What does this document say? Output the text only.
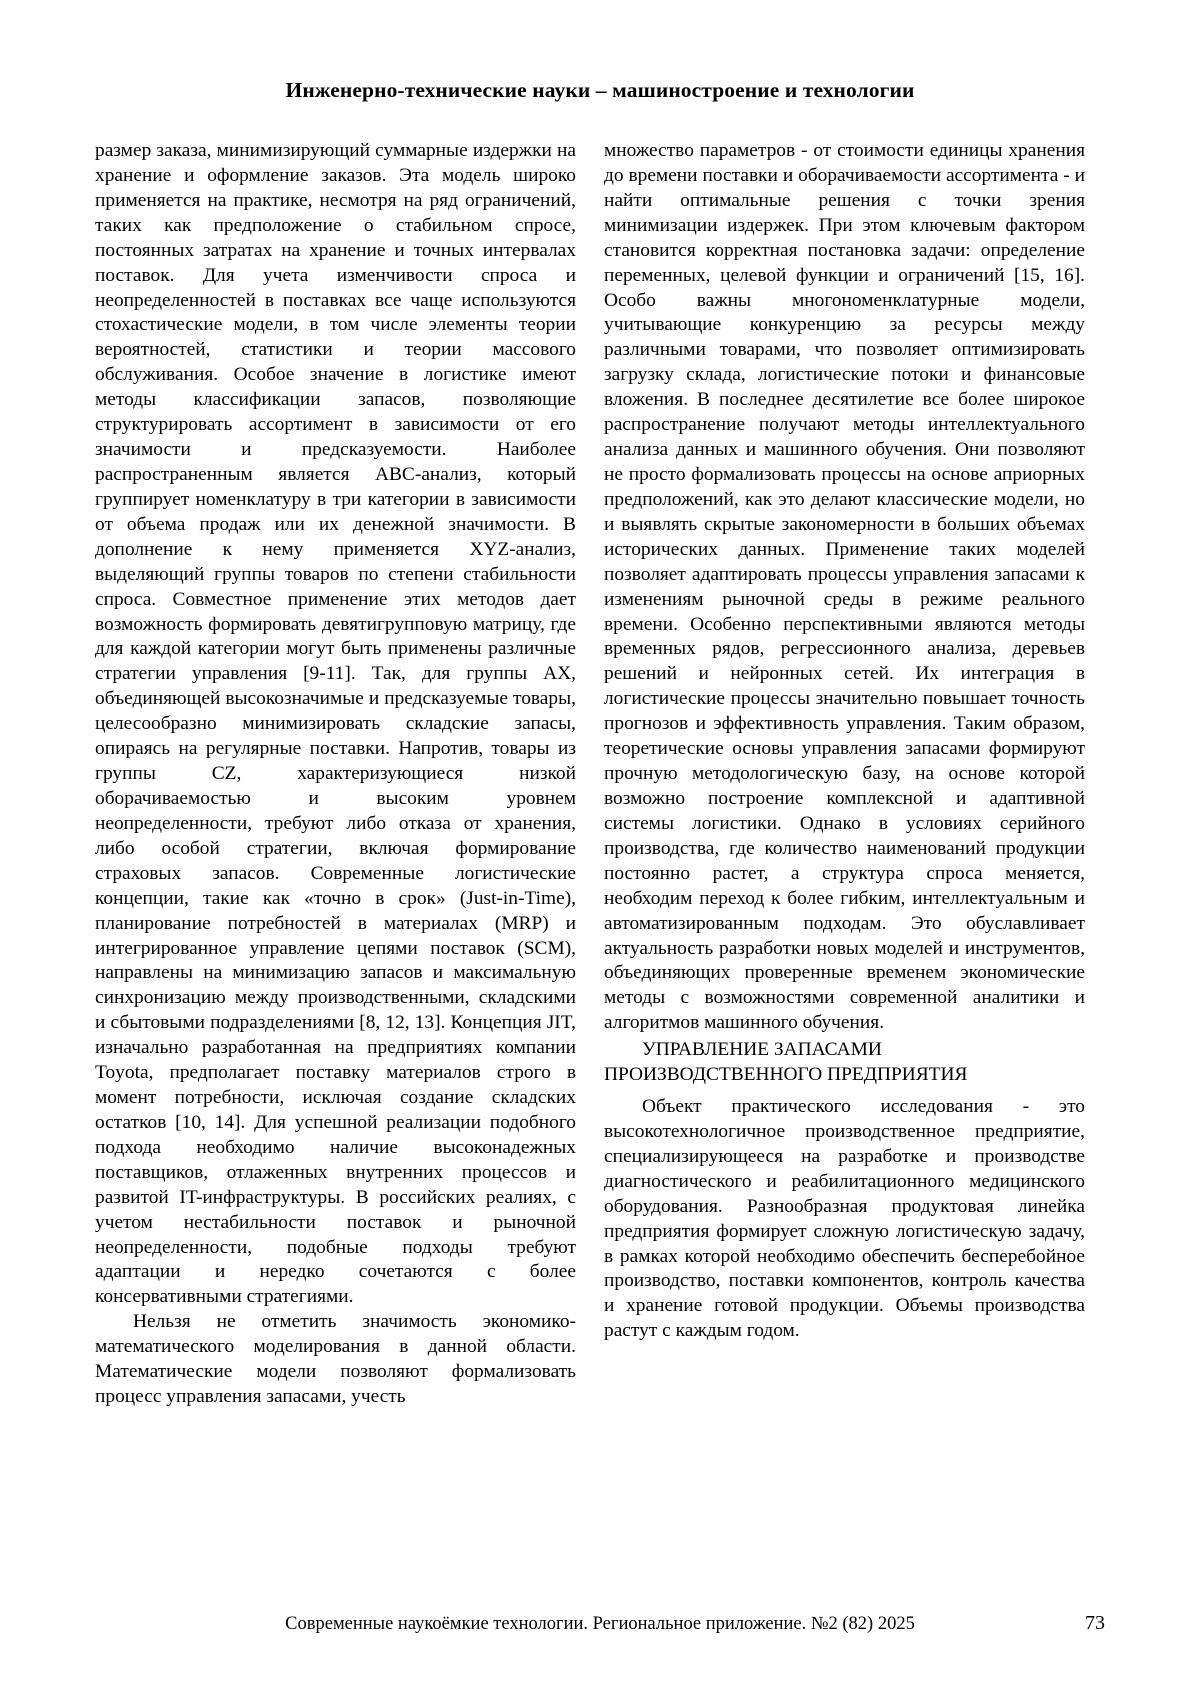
Инженерно-технические науки – машиностроение и технологии

размер заказа, минимизирующий суммарные издержки на хранение и оформление заказов. Эта модель широко применяется на практике, несмотря на ряд ограничений, таких как предположение о стабильном спросе, постоянных затратах на хранение и точных интервалах поставок. Для учета изменчивости спроса и неопределенностей в поставках все чаще используются стохастические модели, в том числе элементы теории вероятностей, статистики и теории массового обслуживания. Особое значение в логистике имеют методы классификации запасов, позволяющие структурировать ассортимент в зависимости от его значимости и предсказуемости. Наиболее распространенным является ABC-анализ, который группирует номенклатуру в три категории в зависимости от объема продаж или их денежной значимости. В дополнение к нему применяется XYZ-анализ, выделяющий группы товаров по степени стабильности спроса. Совместное применение этих методов дает возможность формировать девятигрупповую матрицу, где для каждой категории могут быть применены различные стратегии управления [9-11]. Так, для группы AX, объединяющей высокозначимые и предсказуемые товары, целесообразно минимизировать складские запасы, опираясь на регулярные поставки. Напротив, товары из группы CZ, характеризующиеся низкой оборачиваемостью и высоким уровнем неопределенности, требуют либо отказа от хранения, либо особой стратегии, включая формирование страховых запасов. Современные логистические концепции, такие как «точно в срок» (Just-in-Time), планирование потребностей в материалах (MRP) и интегрированное управление цепями поставок (SCM), направлены на минимизацию запасов и максимальную синхронизацию между производственными, складскими и сбытовыми подразделениями [8, 12, 13]. Концепция JIT, изначально разработанная на предприятиях компании Toyota, предполагает поставку материалов строго в момент потребности, исключая создание складских остатков [10, 14]. Для успешной реализации подобного подхода необходимо наличие высоконадежных поставщиков, отлаженных внутренних процессов и развитой IT-инфраструктуры. В российских реалиях, с учетом нестабильности поставок и рыночной неопределенности, подобные подходы требуют адаптации и нередко сочетаются с более консервативными стратегиями.

Нельзя не отметить значимость экономико-математического моделирования в данной области. Математические модели позволяют формализовать процесс управления запасами, учесть

множество параметров - от стоимости единицы хранения до времени поставки и оборачиваемости ассортимента - и найти оптимальные решения с точки зрения минимизации издержек. При этом ключевым фактором становится корректная постановка задачи: определение переменных, целевой функции и ограничений [15, 16]. Особо важны многономенклатурные модели, учитывающие конкуренцию за ресурсы между различными товарами, что позволяет оптимизировать загрузку склада, логистические потоки и финансовые вложения. В последнее десятилетие все более широкое распространение получают методы интеллектуального анализа данных и машинного обучения. Они позволяют не просто формализовать процессы на основе априорных предположений, как это делают классические модели, но и выявлять скрытые закономерности в больших объемах исторических данных. Применение таких моделей позволяет адаптировать процессы управления запасами к изменениям рыночной среды в режиме реального времени. Особенно перспективными являются методы временных рядов, регрессионного анализа, деревьев решений и нейронных сетей. Их интеграция в логистические процессы значительно повышает точность прогнозов и эффективность управления. Таким образом, теоретические основы управления запасами формируют прочную методологическую базу, на основе которой возможно построение комплексной и адаптивной системы логистики. Однако в условиях серийного производства, где количество наименований продукции постоянно растет, а структура спроса меняется, необходим переход к более гибким, интеллектуальным и автоматизированным подходам. Это обуславливает актуальность разработки новых моделей и инструментов, объединяющих проверенные временем экономические методы с возможностями современной аналитики и алгоритмов машинного обучения.

УПРАВЛЕНИЕ ЗАПАСАМИ
ПРОИЗВОДСТВЕННОГО ПРЕДПРИЯТИЯ

Объект практического исследования - это высокотехнологичное производственное предприятие, специализирующееся на разработке и производстве диагностического и реабилитационного медицинского оборудования. Разнообразная продуктовая линейка предприятия формирует сложную логистическую задачу, в рамках которой необходимо обеспечить бесперебойное производство, поставки компонентов, контроль качества и хранение готовой продукции. Объемы производства растут с каждым годом.

Современные наукоёмкие технологии. Региональное приложение. №2 (82) 2025	73
